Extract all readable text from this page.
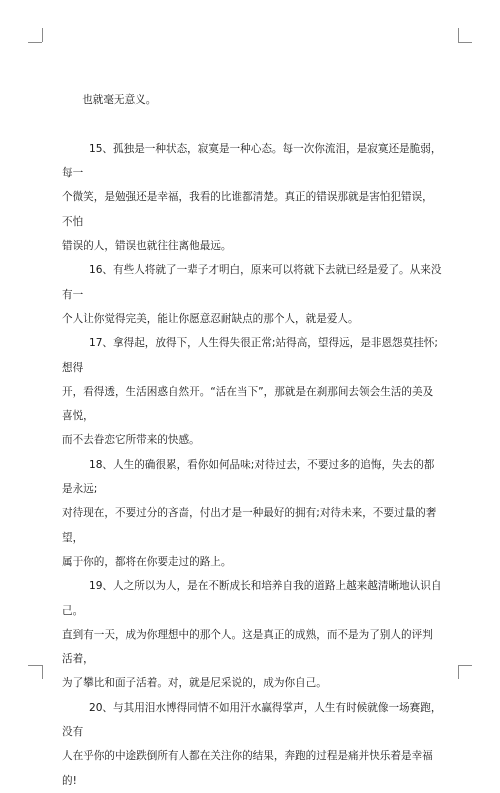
也就毫无意义。

15、孤独是一种状态，寂寞是一种心态。每一次你流泪，是寂寞还是脆弱，每一
个微笑，是勉强还是幸福，我看的比谁都清楚。真正的错误那就是害怕犯错误，不怕
错误的人，错误也就往往离他最远。

16、有些人将就了一辈子才明白，原来可以将就下去就已经是爱了。从来没有一
个人让你觉得完美，能让你愿意忍耐缺点的那个人，就是爱人。

17、拿得起，放得下，人生得失很正常;站得高，望得远，是非恩怨莫挂怀;想得
开，看得透，生活困惑自然开。“活在当下”，那就是在刹那间去领会生活的美及喜悦，
而不去眷恋它所带来的快感。

18、人生的确很累，看你如何品味;对待过去，不要过多的追悔，失去的都是永远;
对待现在，不要过分的吝啬，付出才是一种最好的拥有;对待未来，不要过量的奢望，
属于你的，都将在你要走过的路上。

19、人之所以为人，是在不断成长和培养自我的道路上越来越清晰地认识自己。
直到有一天，成为你理想中的那个人。这是真正的成熟，而不是为了别人的评判活着，
为了攀比和面子活着。对，就是尼采说的，成为你自己。

20、与其用泪水博得同情不如用汗水赢得掌声，人生有时候就像一场赛跑，没有
人在乎你的中途跌倒所有人都在关注你的结果，奔跑的过程是痛并快乐着是幸福的!
